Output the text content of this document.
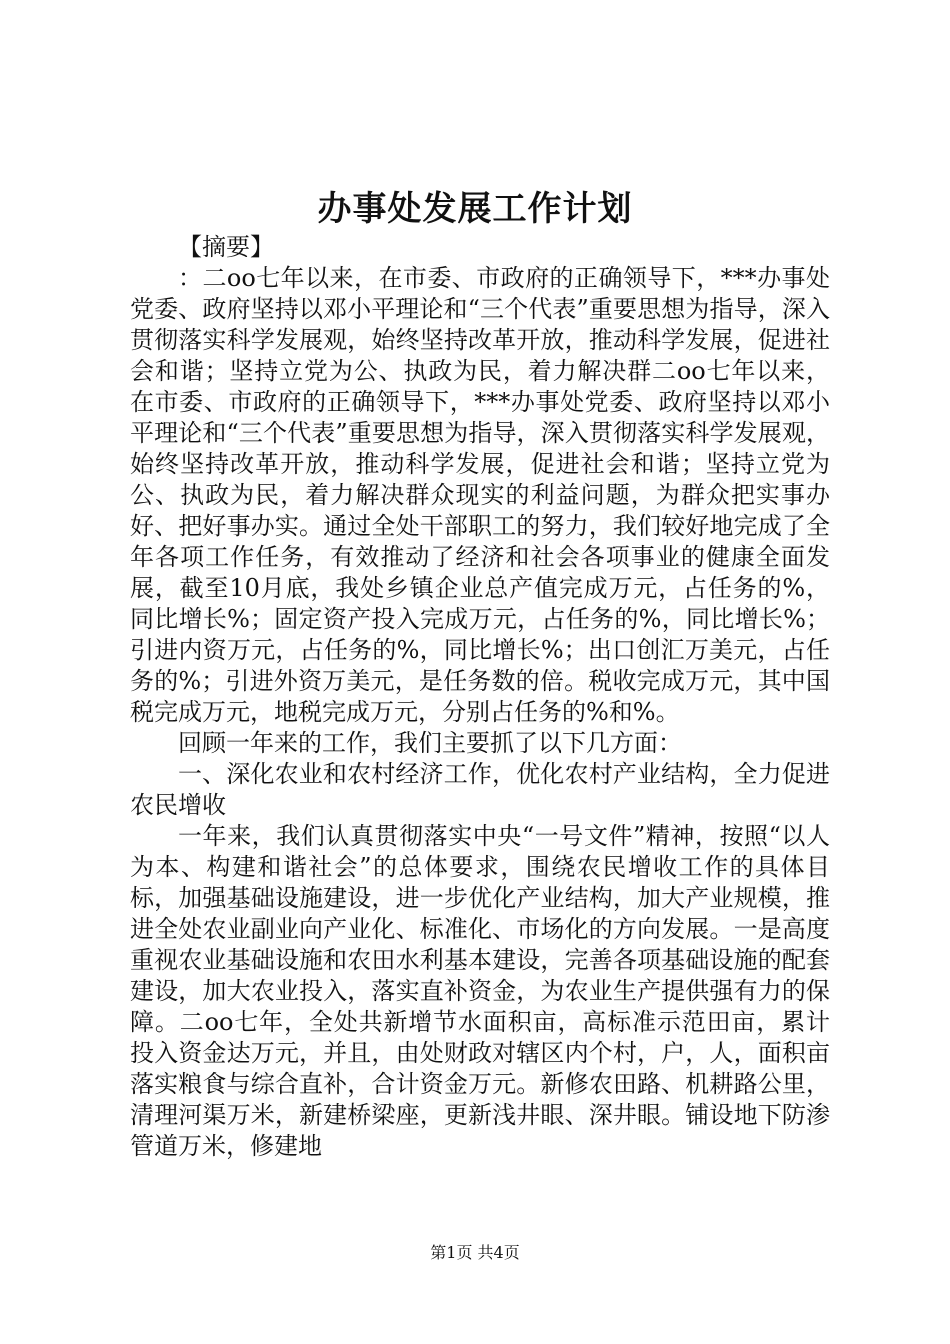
办事处发展工作计划

【摘要】

：二oo七年以来，在市委、市政府的正确领导下，***办事处党委、政府坚持以邓小平理论和“三个代表”重要思想为指导，深入贯彻落实科学发展观，始终坚持改革开放，推动科学发展，促进社会和谐；坚持立党为公、执政为民，着力解决群二oo七年以来，在市委、市政府的正确领导下，***办事处党委、政府坚持以邓小平理论和“三个代表”重要思想为指导，深入贯彻落实科学发展观，始终坚持改革开放，推动科学发展，促进社会和谐；坚持立党为公、执政为民，着力解决群众现实的利益问题，为群众把实事办好、把好事办实。通过全处干部职工的努力，我们较好地完成了全年各项工作任务，有效推动了经济和社会各项事业的健康全面发展，截至10月底，我处乡镇企业总产值完成万元，占任务的%，同比增长%；固定资产投入完成万元，占任务的%，同比增长%；引进内资万元，占任务的%，同比增长%；出口创汇万美元，占任务的%；引进外资万美元，是任务数的倍。税收完成万元，其中国税完成万元，地税完成万元，分别占任务的%和%。

回顾一年来的工作，我们主要抓了以下几方面：

一、深化农业和农村经济工作，优化农村产业结构，全力促进农民增收

一年来，我们认真贯彻落实中央“一号文件”精神，按照“以人为本、构建和谐社会”的总体要求，围绕农民增收工作的具体目标，加强基础设施建设，进一步优化产业结构，加大产业规模，推进全处农业副业向产业化、标准化、市场化的方向发展。一是高度重视农业基础设施和农田水利基本建设，完善各项基础设施的配套建设，加大农业投入，落实直补资金，为农业生产提供强有力的保障。二oo七年，全处共新增节水面积亩，高标准示范田亩，累计投入资金达万元，并且，由处财政对辖区内个村，户，人，面积亩落实粮食与综合直补，合计资金万元。新修农田路、机耕路公里，清理河渠万米，新建桥梁座，更新浅井眼、深井眼。铺设地下防渗管道万米，修建地

第1页 共4页
